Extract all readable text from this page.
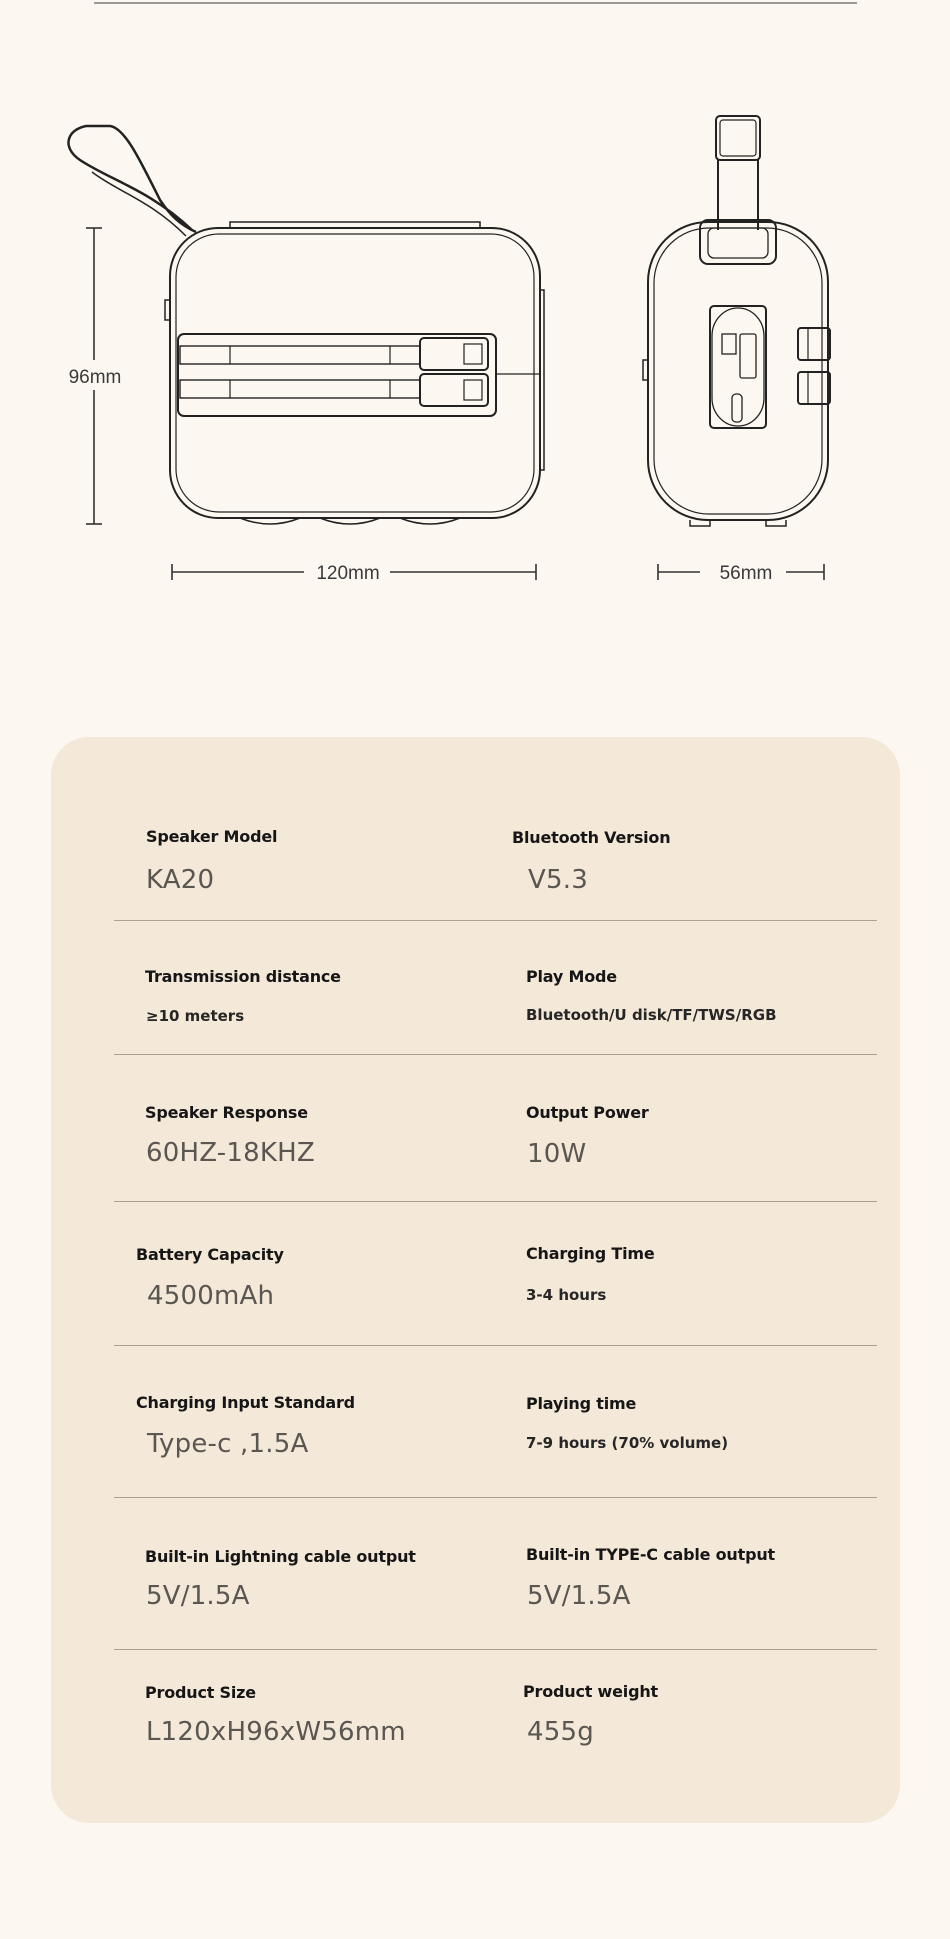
96mm
120mm	56mm
Speaker Model
KA20
Bluetooth Version
V5.3
Transmission distance
≥10 meters
Play Mode
Bluetooth/U disk/TF/TWS/RGB
Speaker Response
60HZ-18KHZ
Output Power
10W
Battery Capacity
4500mAh
Charging Time
3-4 hours
Charging Input Standard
Type-c ,1.5A
Playing time
7-9 hours (70% volume)
Built-in Lightning cable output
5V/1.5A
Built-in TYPE-C cable output
5V/1.5A
Product Size
L120xH96xW56mm
Product weight
455g
